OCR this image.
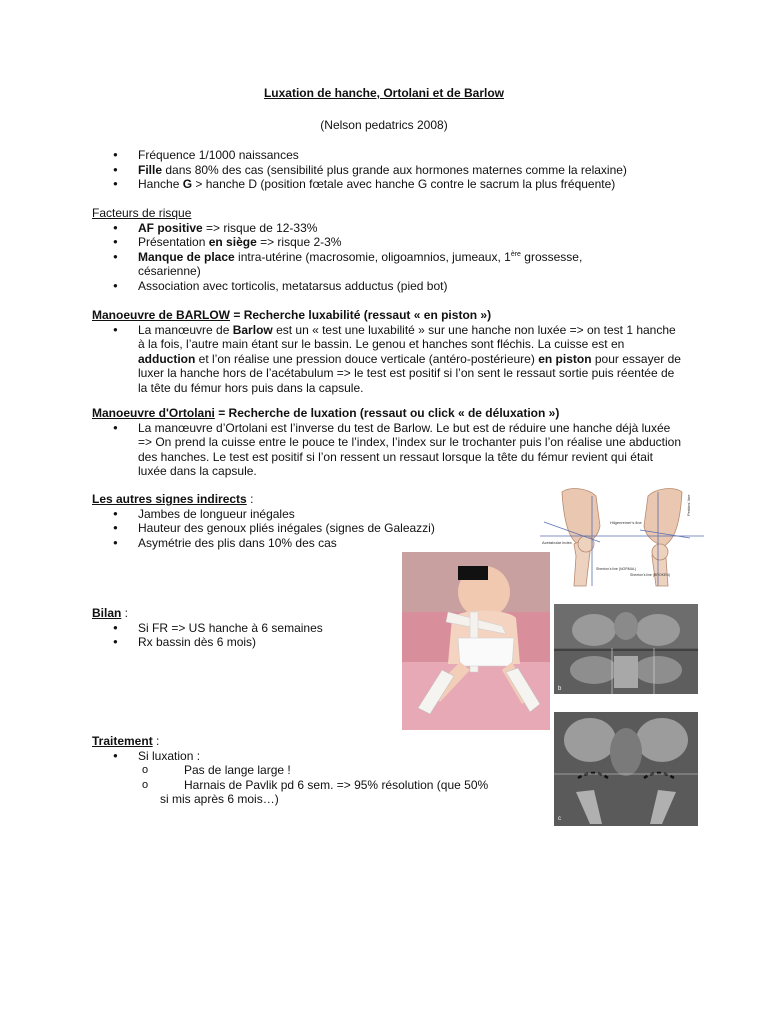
Luxation de hanche, Ortolani et de Barlow
(Nelson pedatrics 2008)
● Fréquence 1/1000 naissances
● Fille dans 80% des cas (sensibilité plus grande aux hormones maternes comme la relaxine)
● Hanche G > hanche D (position fœtale avec hanche G contre le sacrum la plus fréquente)
Facteurs de risque
● AF positive => risque de 12-33%
● Présentation en siège => risque 2-3%
● Manque de place intra-utérine (macrosomie, oligoamnios, jumeaux, 1ère grossesse, césarienne)
● Association avec torticolis, metatarsus adductus (pied bot)
Manoeuvre de BARLOW = Recherche luxabilité (ressaut « en piston »)
● La manœuvre de Barlow est un « test une luxabilité » sur une hanche non luxée => on test 1 hanche à la fois, l’autre main étant sur le bassin. Le genou et hanches sont fléchis. La cuisse est en adduction et l’on réalise une pression douce verticale (antéro-postérieure) en piston pour essayer de luxer la hanche hors de l’acétabulum => le test est positif si l’on sent le ressaut sortie puis réentée de la tête du fémur hors puis dans la capsule.
Manoeuvre d'Ortolani = Recherche de luxation (ressaut ou click « de déluxation »)
● La manœuvre d’Ortolani est l’inverse du test de Barlow. Le but est de réduire une hanche déjà luxée => On prend la cuisse entre le pouce te l’index, l’index sur le trochanter puis l’on réalise une abduction des hanches. Le test est positif si l’on ressent un ressaut lorsque la tête du fémur revient qui était luxée dans la capsule.
Les autres signes indirects :
● Jambes de longueur inégales
● Hauteur des genoux pliés inégales (signes de Galeazzi)
● Asymétrie des plis dans 10% des cas
Bilan :
● Si FR => US hanche à 6 semaines
● Rx bassin dès 6 mois)
Traitement :
● Si luxation :
o Pas de lange large !
o Harnais de Pavlik pd 6 sem. => 95% résolution (que 50%
si mis après 6 mois…)
Hilgenreiner's line
Perkins' line
Acetabular index
Shenton's line (NORMAL)
Shenton's line (BROKEN)
b
c
